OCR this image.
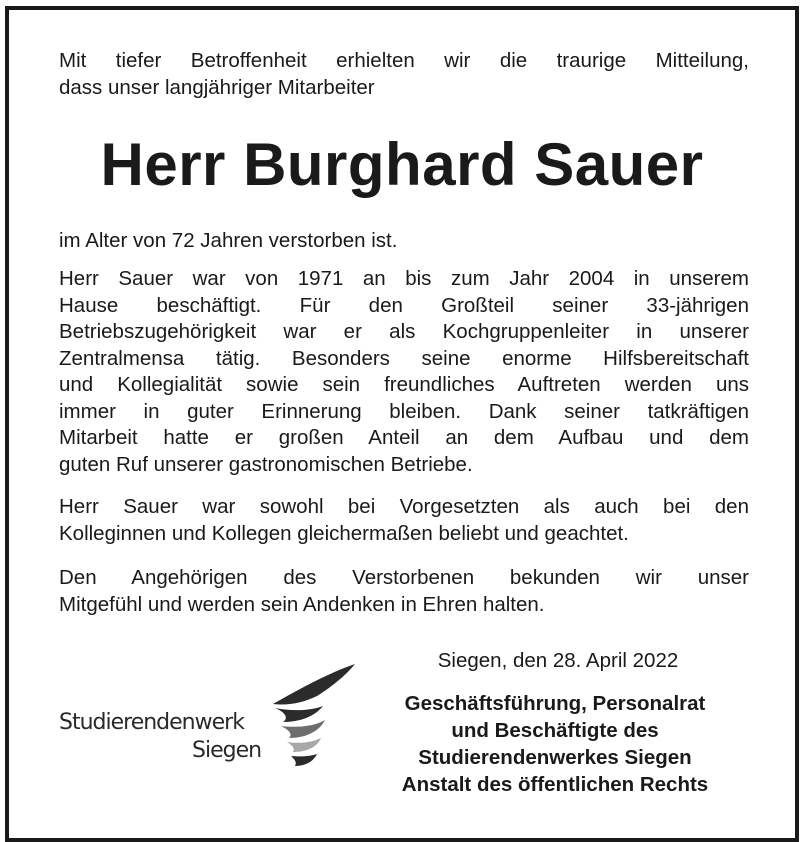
Mit tiefer Betroffenheit erhielten wir die traurige Mitteilung,
dass unser langjähriger Mitarbeiter
Herr Burghard Sauer
im Alter von 72 Jahren verstorben ist.
Herr Sauer war von 1971 an bis zum Jahr 2004 in unserem
Hause beschäftigt. Für den Großteil seiner 33-jährigen
Betriebszugehörigkeit war er als Kochgruppenleiter in unserer
Zentralmensa tätig. Besonders seine enorme Hilfsbereitschaft
und Kollegialität sowie sein freundliches Auftreten werden uns
immer in guter Erinnerung bleiben. Dank seiner tatkräftigen
Mitarbeit hatte er großen Anteil an dem Aufbau und dem
guten Ruf unserer gastronomischen Betriebe.
Herr Sauer war sowohl bei Vorgesetzten als auch bei den
Kolleginnen und Kollegen gleichermaßen beliebt und geachtet.
Den Angehörigen des Verstorbenen bekunden wir unser
Mitgefühl und werden sein Andenken in Ehren halten.

Siegen, den 28. April 2022

Geschäftsführung, Personalrat
und Beschäftigte des
Studierendenwerkes Siegen
Anstalt des öffentlichen Rechts
Studierendenwerk
Siegen
